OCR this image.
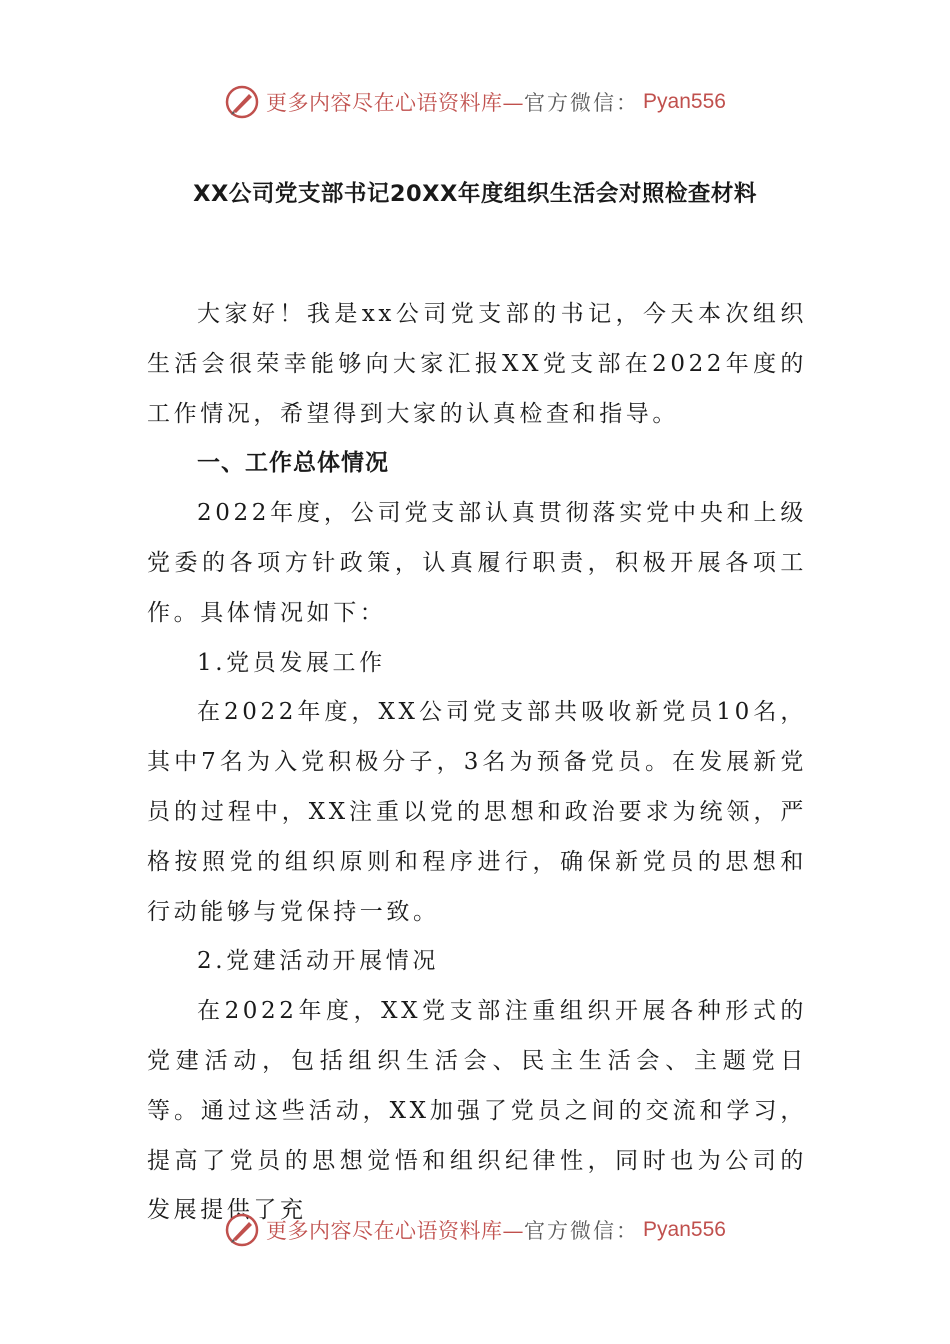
更多内容尽在心语资料库— 官方微信： Pyan556
XX公司党支部书记20XX年度组织生活会对照检查材料

大家好！我是xx公司党支部的书记，今天本次组织生活会很荣幸能够向大家汇报XX党支部在2022年度的工作情况，希望得到大家的认真检查和指导。

一、工作总体情况

2022年度，公司党支部认真贯彻落实党中央和上级党委的各项方针政策，认真履行职责，积极开展各项工作。具体情况如下：

1.党员发展工作

在2022年度，XX公司党支部共吸收新党员10名，其中7名为入党积极分子，3名为预备党员。在发展新党员的过程中，XX注重以党的思想和政治要求为统领，严格按照党的组织原则和程序进行，确保新党员的思想和行动能够与党保持一致。

2.党建活动开展情况

在2022年度，XX党支部注重组织开展各种形式的党建活动，包括组织生活会、民主生活会、主题党日等。通过这些活动，XX加强了党员之间的交流和学习，提高了党员的思想觉悟和组织纪律性，同时也为公司的发展提供了充

更多内容尽在心语资料库— 官方微信： Pyan556
